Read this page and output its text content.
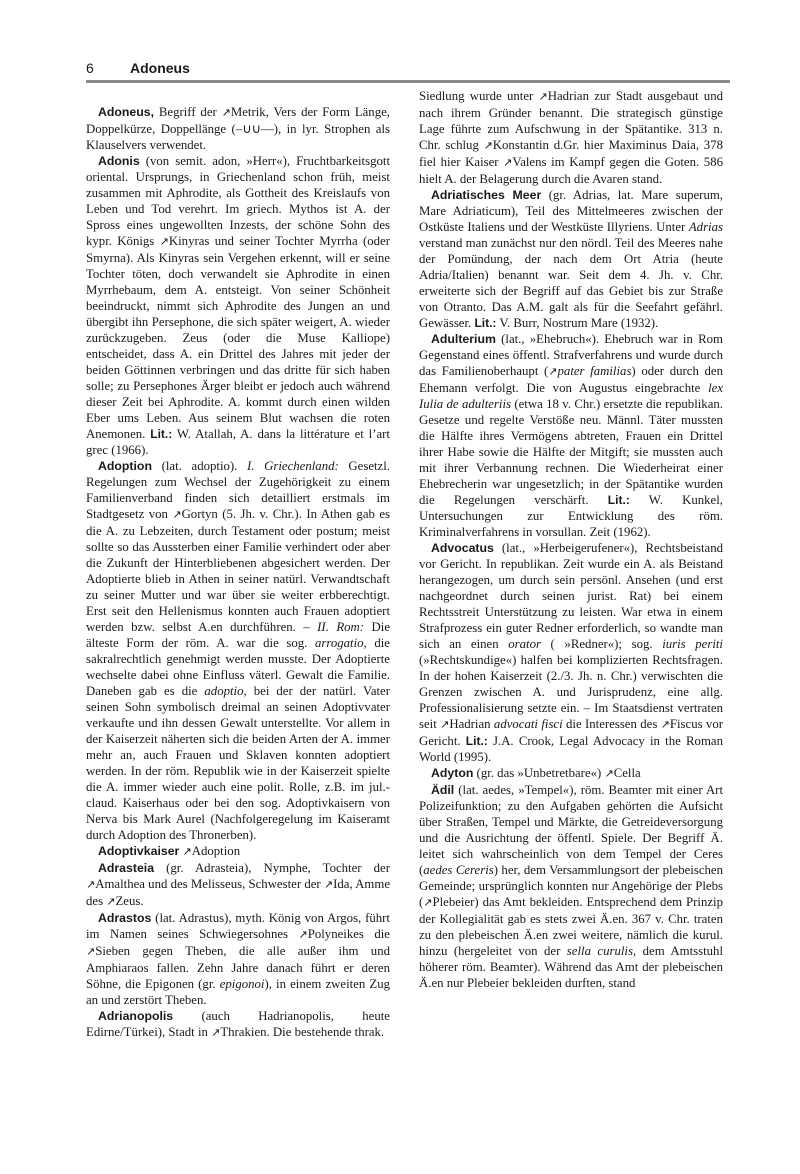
6	Adoneus

Adoneus, Begriff der ↗Metrik, Vers der Form Länge, Doppelkürze, Doppellänge (–∪∪––), in lyr. Strophen als Klauselvers verwendet.

Adonis (von semit. adon, »Herr«), Fruchtbarkeitsgott oriental. Ursprungs, in Griechenland schon früh, meist zusammen mit Aphrodite, als Gottheit des Kreislaufs von Leben und Tod verehrt. Im griech. Mythos ist A. der Spross eines ungewollten Inzests, der schöne Sohn des kypr. Königs ↗Kinyras und seiner Tochter Myrrha (oder Smyrna). Als Kinyras sein Vergehen erkennt, will er seine Tochter töten, doch verwandelt sie Aphrodite in einen Myrrhebaum, dem A. entsteigt. Von seiner Schönheit beeindruckt, nimmt sich Aphrodite des Jungen an und übergibt ihn Persephone, die sich später weigert, A. wieder zurückzugeben. Zeus (oder die Muse Kalliope) entscheidet, dass A. ein Drittel des Jahres mit jeder der beiden Göttinnen verbringen und das dritte für sich haben solle; zu Persephones Ärger bleibt er jedoch auch während dieser Zeit bei Aphrodite. A. kommt durch einen wilden Eber ums Leben. Aus seinem Blut wachsen die roten Anemonen. Lit.: W. Atallah, A. dans la littérature et l’art grec (1966).

Adoption (lat. adoptio). I. Griechenland: Gesetzl. Regelungen zum Wechsel der Zugehörigkeit zu einem Familienverband finden sich detailliert erstmals im Stadtgesetz von ↗Gortyn (5. Jh. v. Chr.). In Athen gab es die A. zu Lebzeiten, durch Testament oder postum; meist sollte so das Aussterben einer Familie verhindert oder aber die Zukunft der Hinterbliebenen abgesichert werden. Der Adoptierte blieb in Athen in seiner natürl. Verwandtschaft zu seiner Mutter und war über sie weiter erbberechtigt. Erst seit den Hellenismus konnten auch Frauen adoptiert werden bzw. selbst A.en durchführen. – II. Rom: Die älteste Form der röm. A. war die sog. arrogatio, die sakralrechtlich genehmigt werden musste. Der Adoptierte wechselte dabei ohne Einfluss väterl. Gewalt die Familie. Daneben gab es die adoptio, bei der der natürl. Vater seinen Sohn symbolisch dreimal an seinen Adoptivvater verkaufte und ihn dessen Gewalt unterstellte. Vor allem in der Kaiserzeit näherten sich die beiden Arten der A. immer mehr an, auch Frauen und Sklaven konnten adoptiert werden. In der röm. Republik wie in der Kaiserzeit spielte die A. immer wieder auch eine polit. Rolle, z.B. im jul.-claud. Kaiserhaus oder bei den sog. Adoptivkaisern von Nerva bis Mark Aurel (Nachfolgeregelung im Kaiseramt durch Adoption des Thronerben).

Adoptivkaiser ↗Adoption

Adrasteia (gr. Adrasteia), Nymphe, Tochter der ↗Amalthea und des Melisseus, Schwester der ↗Ida, Amme des ↗Zeus.

Adrastos (lat. Adrastus), myth. König von Argos, führt im Namen seines Schwiegersohnes ↗Polyneikes die ↗Sieben gegen Theben, die alle außer ihm und Amphiaraos fallen. Zehn Jahre danach führt er deren Söhne, die Epigonen (gr. epigonoi), in einem zweiten Zug an und zerstört Theben.

Adrianopolis (auch Hadrianopolis, heute Edirne/Türkei), Stadt in ↗Thrakien. Die bestehende thrak.

Siedlung wurde unter ↗Hadrian zur Stadt ausgebaut und nach ihrem Gründer benannt. Die strategisch günstige Lage führte zum Aufschwung in der Spätantike. 313 n. Chr. schlug ↗Konstantin d.Gr. hier Maximinus Daia, 378 fiel hier Kaiser ↗Valens im Kampf gegen die Goten. 586 hielt A. der Belagerung durch die Avaren stand.

Adriatisches Meer (gr. Adrias, lat. Mare superum, Mare Adriaticum), Teil des Mittelmeeres zwischen der Ostküste Italiens und der Westküste Illyriens. Unter Adrias verstand man zunächst nur den nördl. Teil des Meeres nahe der Pomündung, der nach dem Ort Atria (heute Adria/Italien) benannt war. Seit dem 4. Jh. v. Chr. erweiterte sich der Begriff auf das Gebiet bis zur Straße von Otranto. Das A.M. galt als für die Seefahrt gefährl. Gewässer. Lit.: V. Burr, Nostrum Mare (1932).

Adulterium (lat., »Ehebruch«). Ehebruch war in Rom Gegenstand eines öffentl. Strafverfahrens und wurde durch das Familienoberhaupt (↗pater familias) oder durch den Ehemann verfolgt. Die von Augustus eingebrachte lex Iulia de adulteriis (etwa 18 v. Chr.) ersetzte die republikan. Gesetze und regelte Verstöße neu. Männl. Täter mussten die Hälfte ihres Vermögens abtreten, Frauen ein Drittel ihrer Habe sowie die Hälfte der Mitgift; sie mussten auch mit ihrer Verbannung rechnen. Die Wiederheirat einer Ehebrecherin war ungesetzlich; in der Spätantike wurden die Regelungen verschärft. Lit.: W. Kunkel, Untersuchungen zur Entwicklung des röm. Kriminalverfahrens in vorsullan. Zeit (1962).

Advocatus (lat., »Herbeigerufener«), Rechtsbeistand vor Gericht. In republikan. Zeit wurde ein A. als Beistand herangezogen, um durch sein persönl. Ansehen (und erst nachgeordnet durch seinen jurist. Rat) bei einem Rechtsstreit Unterstützung zu leisten. War etwa in einem Strafprozess ein guter Redner erforderlich, so wandte man sich an einen orator ( »Redner«); sog. iuris periti (»Rechtskundige«) halfen bei komplizierten Rechtsfragen. In der hohen Kaiserzeit (2./3. Jh. n. Chr.) verwischten die Grenzen zwischen A. und Jurisprudenz, eine allg. Professionalisierung setzte ein. – Im Staatsdienst vertraten seit ↗Hadrian advocati fisci die Interessen des ↗Fiscus vor Gericht. Lit.: J.A. Crook, Legal Advocacy in the Roman World (1995).

Adyton (gr. das »Unbetretbare«) ↗Cella

Ädil (lat. aedes, »Tempel«), röm. Beamter mit einer Art Polizeifunktion; zu den Aufgaben gehörten die Aufsicht über Straßen, Tempel und Märkte, die Getreideversorgung und die Ausrichtung der öffentl. Spiele. Der Begriff Ä. leitet sich wahrscheinlich von dem Tempel der Ceres (aedes Cereris) her, dem Versammlungsort der plebeischen Gemeinde; ursprünglich konnten nur Angehörige der Plebs (↗Plebeier) das Amt bekleiden. Entsprechend dem Prinzip der Kollegialität gab es stets zwei Ä.en. 367 v. Chr. traten zu den plebeischen Ä.en zwei weitere, nämlich die kurul. hinzu (hergeleitet von der sella curulis, dem Amtsstuhl höherer röm. Beamter). Während das Amt der plebeischen Ä.en nur Plebeier bekleiden durften, stand
